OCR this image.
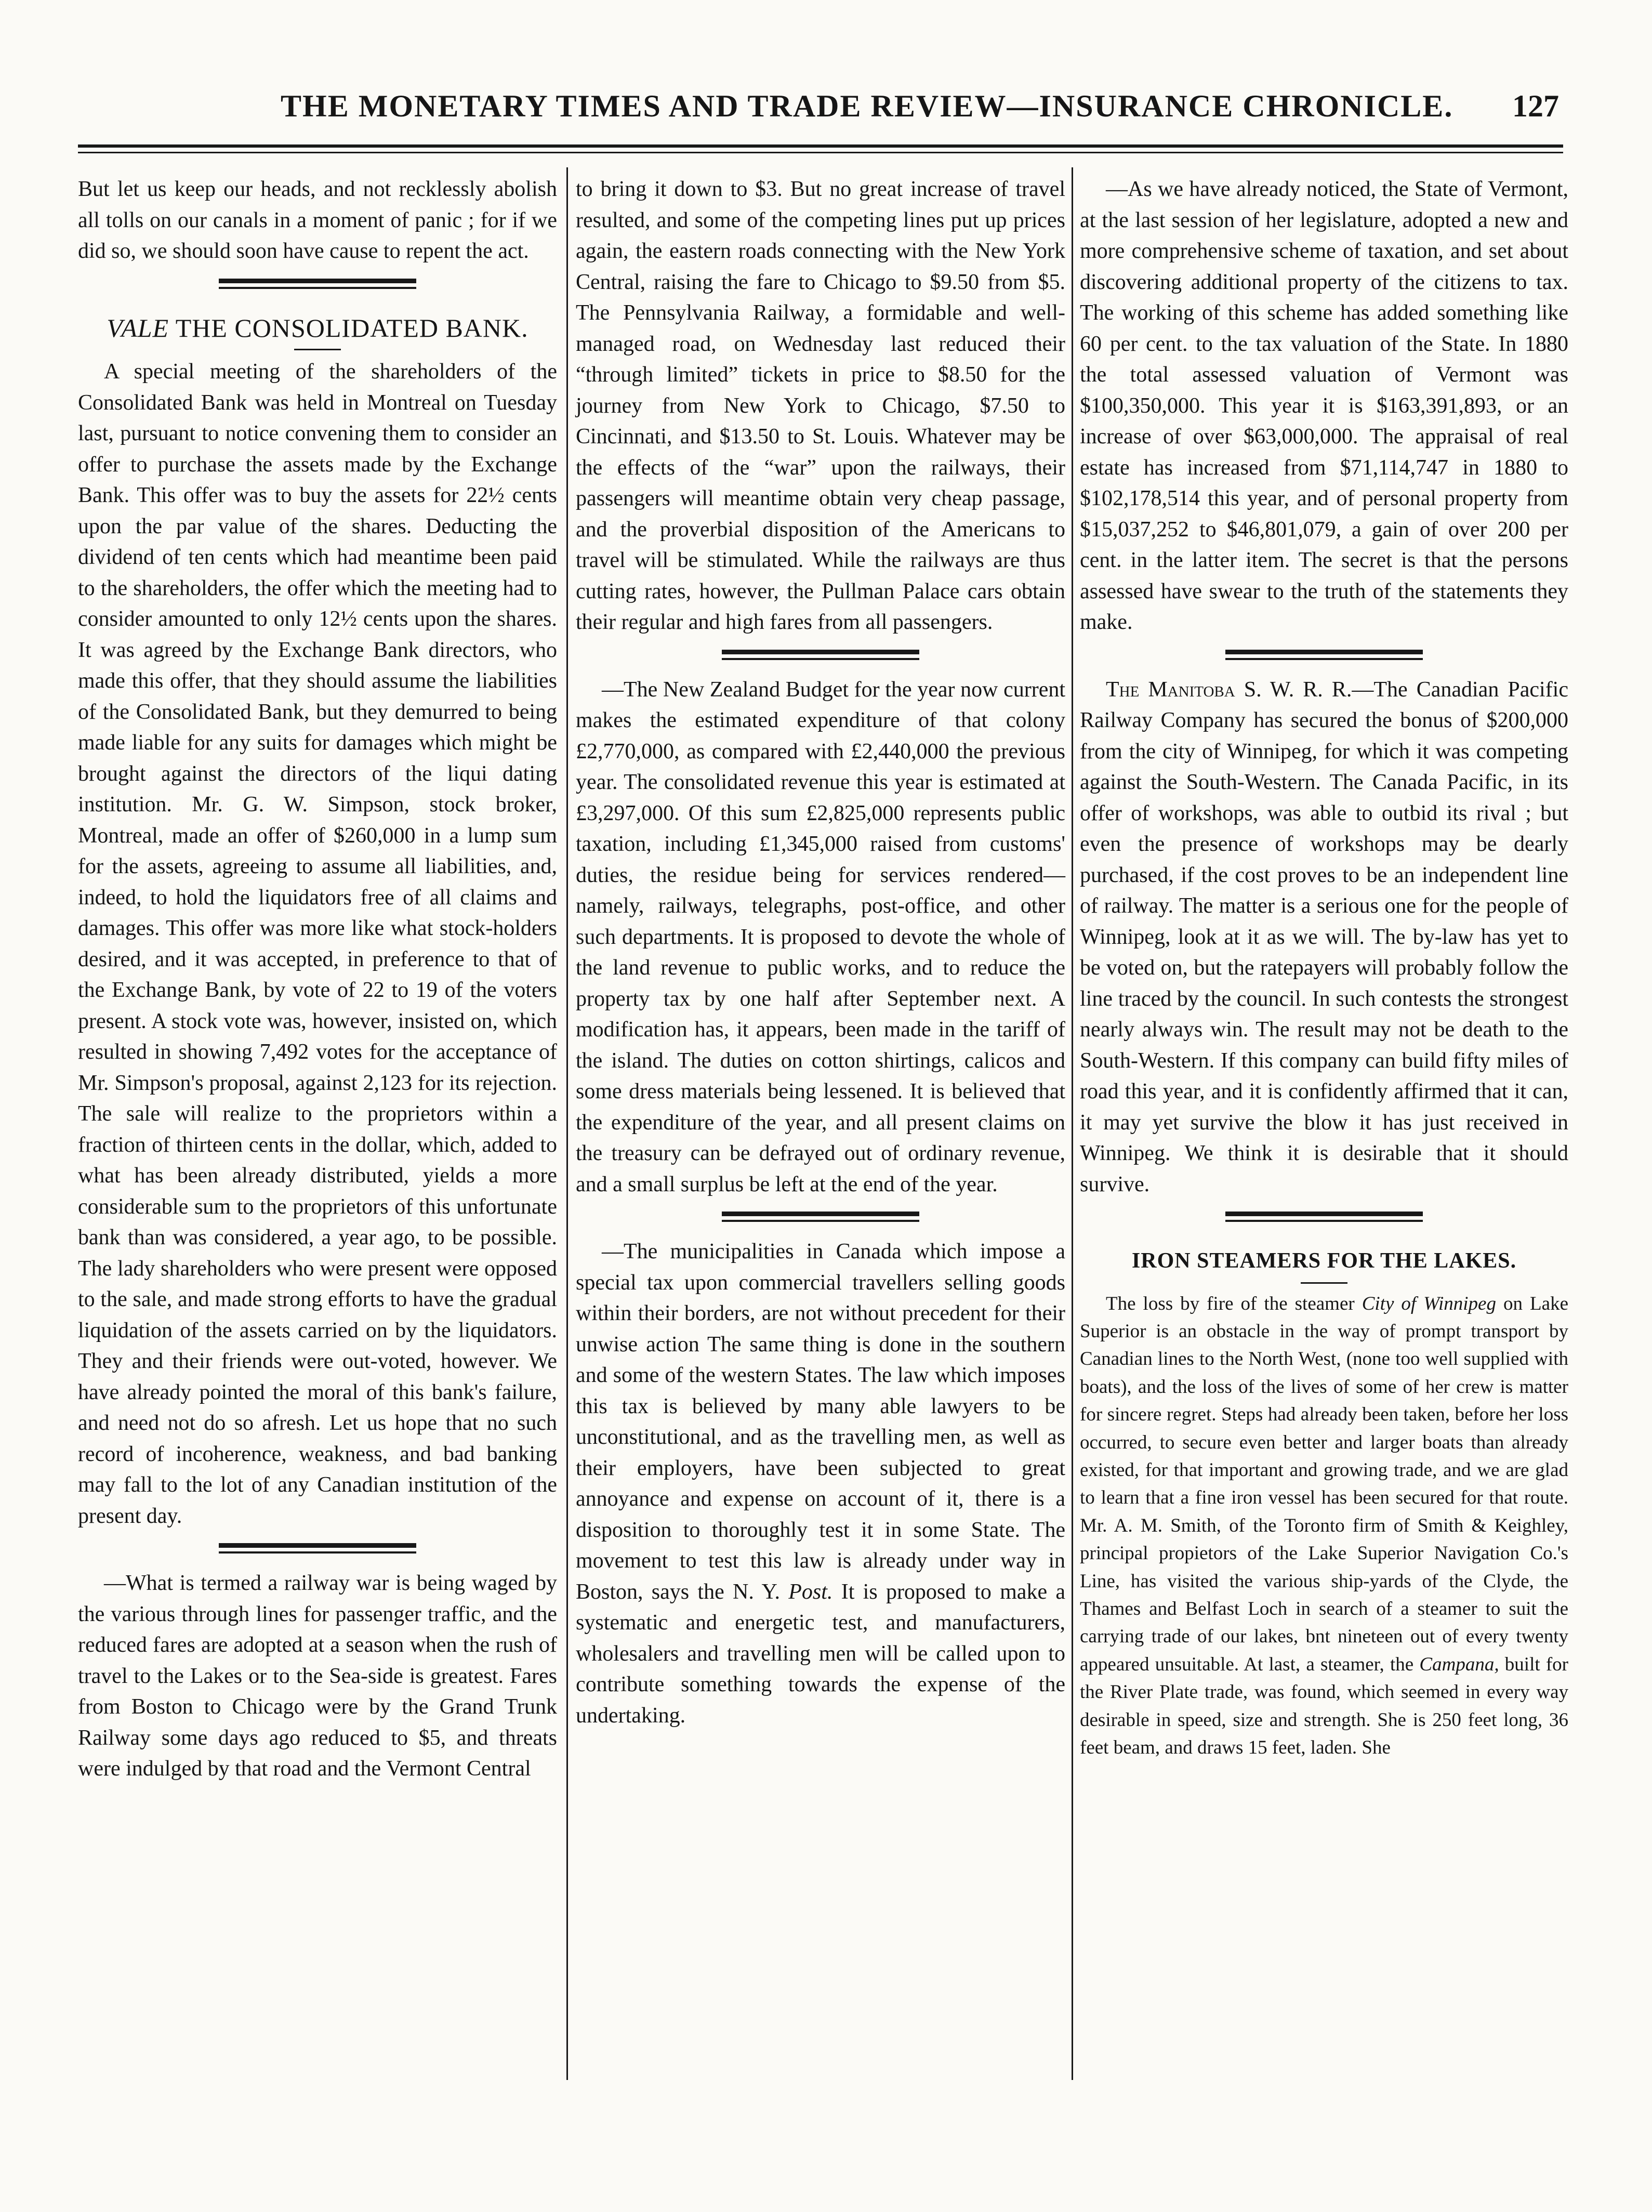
THE MONETARY TIMES AND TRADE REVIEW—INSURANCE CHRONICLE. 127

But let us keep our heads, and not recklessly abolish all tolls on our canals in a moment of panic ; for if we did so, we should soon have cause to repent the act.

VALE THE CONSOLIDATED BANK.

A special meeting of the shareholders of the Consolidated Bank was held in Montreal on Tuesday last, pursuant to notice convening them to consider an offer to purchase the assets made by the Exchange Bank. This offer was to buy the assets for 22½ cents upon the par value of the shares. Deducting the dividend of ten cents which had meantime been paid to the shareholders, the offer which the meeting had to consider amounted to only 12½ cents upon the shares. It was agreed by the Exchange Bank directors, who made this offer, that they should assume the liabilities of the Consolidated Bank, but they demurred to being made liable for any suits for damages which might be brought against the directors of the liqui dating institution. Mr. G. W. Simpson, stock broker, Montreal, made an offer of $260,000 in a lump sum for the assets, agreeing to assume all liabilities, and, indeed, to hold the liquidators free of all claims and damages. This offer was more like what stock-holders desired, and it was accepted, in preference to that of the Exchange Bank, by vote of 22 to 19 of the voters present. A stock vote was, however, insisted on, which resulted in showing 7,492 votes for the acceptance of Mr. Simpson's proposal, against 2,123 for its rejection. The sale will realize to the proprietors within a fraction of thirteen cents in the dollar, which, added to what has been already distributed, yields a more considerable sum to the proprietors of this unfortunate bank than was considered, a year ago, to be possible. The lady shareholders who were present were opposed to the sale, and made strong efforts to have the gradual liquidation of the assets carried on by the liquidators. They and their friends were out-voted, however. We have already pointed the moral of this bank's failure, and need not do so afresh. Let us hope that no such record of incoherence, weakness, and bad banking may fall to the lot of any Canadian institution of the present day.

—What is termed a railway war is being waged by the various through lines for passenger traffic, and the reduced fares are adopted at a season when the rush of travel to the Lakes or to the Sea-side is greatest. Fares from Boston to Chicago were by the Grand Trunk Railway some days ago reduced to $5, and threats were indulged by that road and the Vermont Central

to bring it down to $3. But no great increase of travel resulted, and some of the competing lines put up prices again, the eastern roads connecting with the New York Central, raising the fare to Chicago to $9.50 from $5. The Pennsylvania Railway, a formidable and well-managed road, on Wednesday last reduced their “through limited” tickets in price to $8.50 for the journey from New York to Chicago, $7.50 to Cincinnati, and $13.50 to St. Louis. Whatever may be the effects of the “war” upon the railways, their passengers will meantime obtain very cheap passage, and the proverbial disposition of the Americans to travel will be stimulated. While the railways are thus cutting rates, however, the Pullman Palace cars obtain their regular and high fares from all passengers.

—The New Zealand Budget for the year now current makes the estimated expenditure of that colony £2,770,000, as compared with £2,440,000 the previous year. The consolidated revenue this year is estimated at £3,297,000. Of this sum £2,825,000 represents public taxation, including £1,345,000 raised from customs' duties, the residue being for services rendered—namely, railways, telegraphs, post-office, and other such departments. It is proposed to devote the whole of the land revenue to public works, and to reduce the property tax by one half after September next. A modification has, it appears, been made in the tariff of the island. The duties on cotton shirtings, calicos and some dress materials being lessened. It is believed that the expenditure of the year, and all present claims on the treasury can be defrayed out of ordinary revenue, and a small surplus be left at the end of the year.

—The municipalities in Canada which impose a special tax upon commercial travellers selling goods within their borders, are not without precedent for their unwise action The same thing is done in the southern and some of the western States. The law which imposes this tax is believed by many able lawyers to be unconstitutional, and as the travelling men, as well as their employers, have been subjected to great annoyance and expense on account of it, there is a disposition to thoroughly test it in some State. The movement to test this law is already under way in Boston, says the N. Y. Post. It is proposed to make a systematic and energetic test, and manufacturers, wholesalers and travelling men will be called upon to contribute something towards the expense of the undertaking.

—As we have already noticed, the State of Vermont, at the last session of her legislature, adopted a new and more comprehensive scheme of taxation, and set about discovering additional property of the citizens to tax. The working of this scheme has added something like 60 per cent. to the tax valuation of the State. In 1880 the total assessed valuation of Vermont was $100,350,000. This year it is $163,391,893, or an increase of over $63,000,000. The appraisal of real estate has increased from $71,114,747 in 1880 to $102,178,514 this year, and of personal property from $15,037,252 to $46,801,079, a gain of over 200 per cent. in the latter item. The secret is that the persons assessed have swear to the truth of the statements they make.

The Manitoba S. W. R. R.—The Canadian Pacific Railway Company has secured the bonus of $200,000 from the city of Winnipeg, for which it was competing against the South-Western. The Canada Pacific, in its offer of workshops, was able to outbid its rival ; but even the presence of workshops may be dearly purchased, if the cost proves to be an independent line of railway. The matter is a serious one for the people of Winnipeg, look at it as we will. The by-law has yet to be voted on, but the ratepayers will probably follow the line traced by the council. In such contests the strongest nearly always win. The result may not be death to the South-Western. If this company can build fifty miles of road this year, and it is confidently affirmed that it can, it may yet survive the blow it has just received in Winnipeg. We think it is desirable that it should survive.

IRON STEAMERS FOR THE LAKES.

The loss by fire of the steamer City of Winnipeg on Lake Superior is an obstacle in the way of prompt transport by Canadian lines to the North West, (none too well supplied with boats), and the loss of the lives of some of her crew is matter for sincere regret. Steps had already been taken, before her loss occurred, to secure even better and larger boats than already existed, for that important and growing trade, and we are glad to learn that a fine iron vessel has been secured for that route. Mr. A. M. Smith, of the Toronto firm of Smith & Keighley, principal propietors of the Lake Superior Navigation Co.'s Line, has visited the various ship-yards of the Clyde, the Thames and Belfast Loch in search of a steamer to suit the carrying trade of our lakes, bnt nineteen out of every twenty appeared unsuitable. At last, a steamer, the Campana, built for the River Plate trade, was found, which seemed in every way desirable in speed, size and strength. She is 250 feet long, 36 feet beam, and draws 15 feet, laden. She
